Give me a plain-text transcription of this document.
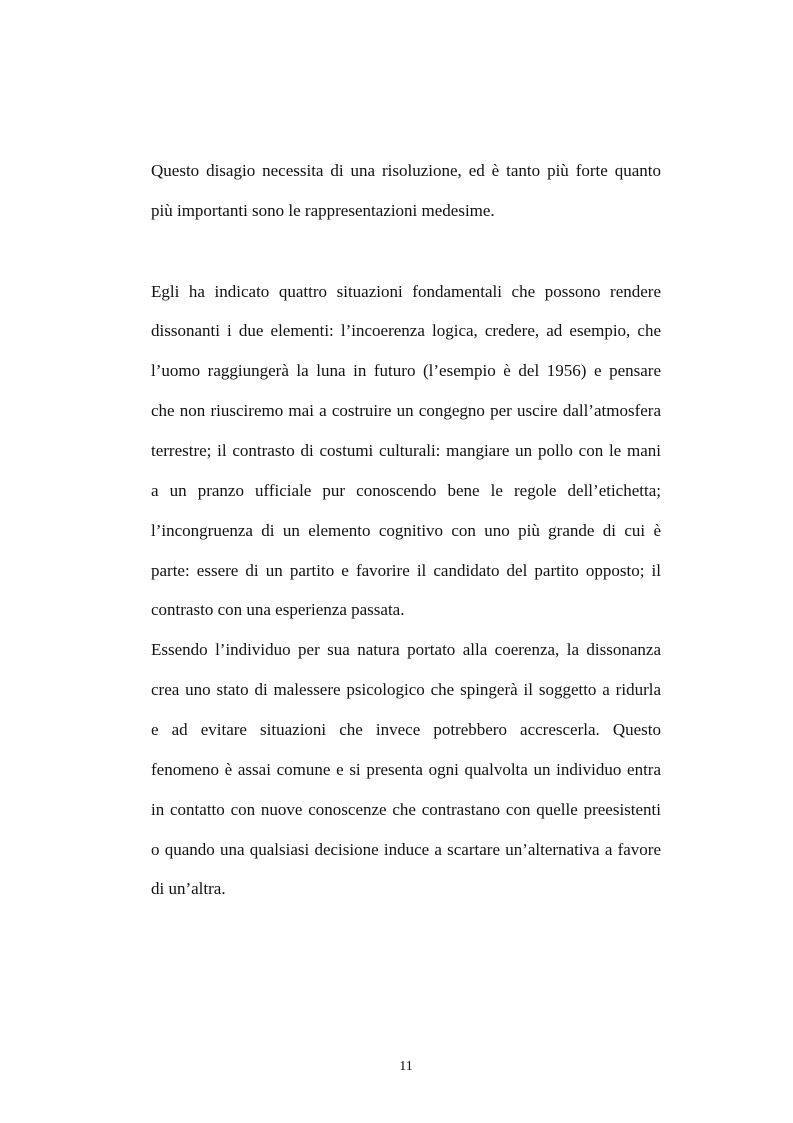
Questo disagio necessita di una risoluzione, ed è tanto più forte quanto
più importanti sono le rappresentazioni medesime.
Egli ha indicato quattro situazioni fondamentali che possono rendere
dissonanti i due elementi: l’incoerenza logica, credere, ad esempio, che
l’uomo raggiungerà la luna in futuro (l’esempio è del 1956) e pensare
che non riusciremo mai a costruire un congegno per uscire dall’atmosfera
terrestre; il contrasto di costumi culturali: mangiare un pollo con le mani
a un pranzo ufficiale pur conoscendo bene le regole dell’etichetta;
l’incongruenza di un elemento cognitivo con uno più grande di cui è
parte: essere di un partito e favorire il candidato del partito opposto; il
contrasto con una esperienza passata.
Essendo l’individuo per sua natura portato alla coerenza, la dissonanza
crea uno stato di malessere psicologico che spingerà il soggetto a ridurla
e ad evitare situazioni che invece potrebbero accrescerla. Questo
fenomeno è assai comune e si presenta ogni qualvolta un individuo entra
in contatto con nuove conoscenze che contrastano con quelle preesistenti
o quando una qualsiasi decisione induce a scartare un’alternativa a favore
di un’altra.
11
